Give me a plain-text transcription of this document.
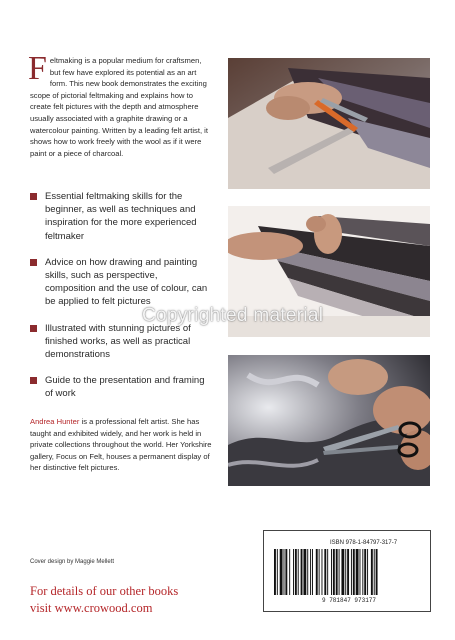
Feltmaking is a popular medium for craftsmen, but few have explored its potential as an art form. This new book demonstrates the exciting scope of pictorial feltmaking and explains how to create felt pictures with the depth and atmosphere usually associated with a graphite drawing or a watercolour painting. Written by a leading felt artist, it shows how to work freely with the wool as if it were paint or a piece of charcoal.
Essential feltmaking skills for the beginner, as well as techniques and inspiration for the more experienced feltmaker
Advice on how drawing and painting skills, such as perspective, composition and the use of colour, can be applied to felt pictures
Illustrated with stunning pictures of finished works, as well as practical demonstrations
Guide to the presentation and framing of work
Andrea Hunter is a professional felt artist. She has taught and exhibited widely, and her work is held in private collections throughout the world. Her Yorkshire gallery, Focus on Felt, houses a permanent display of her distinctive felt pictures.
Copyrighted material
Cover design by Maggie Mellett
For details of our other books
visit www.crowood.com
ISBN 978-1-84797-317-7
9 781847 973177
